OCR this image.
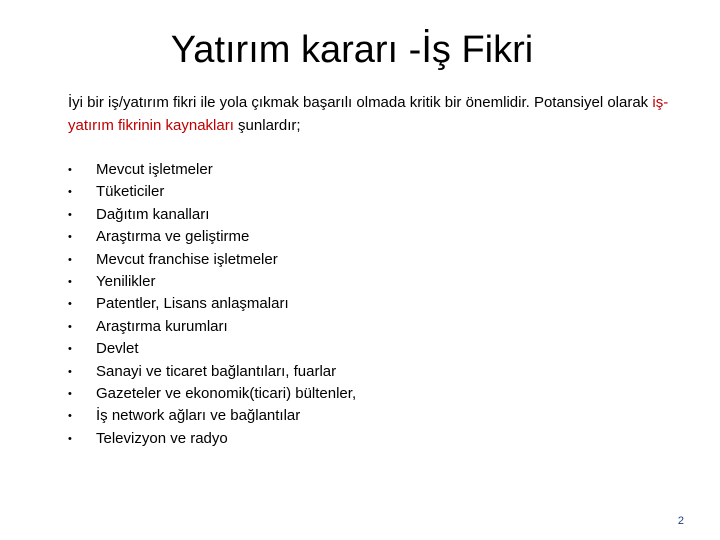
Yatırım kararı -İş Fikri

İyi bir iş/yatırım fikri ile yola çıkmak başarılı olmada kritik bir önemlidir. Potansiyel olarak iş-yatırım fikrinin kaynakları şunlardır;

•	Mevcut işletmeler
•	Tüketiciler
•	Dağıtım kanalları
•	Araştırma ve geliştirme
•	Mevcut franchise işletmeler
•	Yenilikler
•	Patentler, Lisans anlaşmaları
•	Araştırma kurumları
•	Devlet
•	Sanayi ve ticaret bağlantıları, fuarlar
•	Gazeteler ve ekonomik(ticari) bültenler,
•	İş network ağları ve bağlantılar
•	Televizyon ve radyo
2
